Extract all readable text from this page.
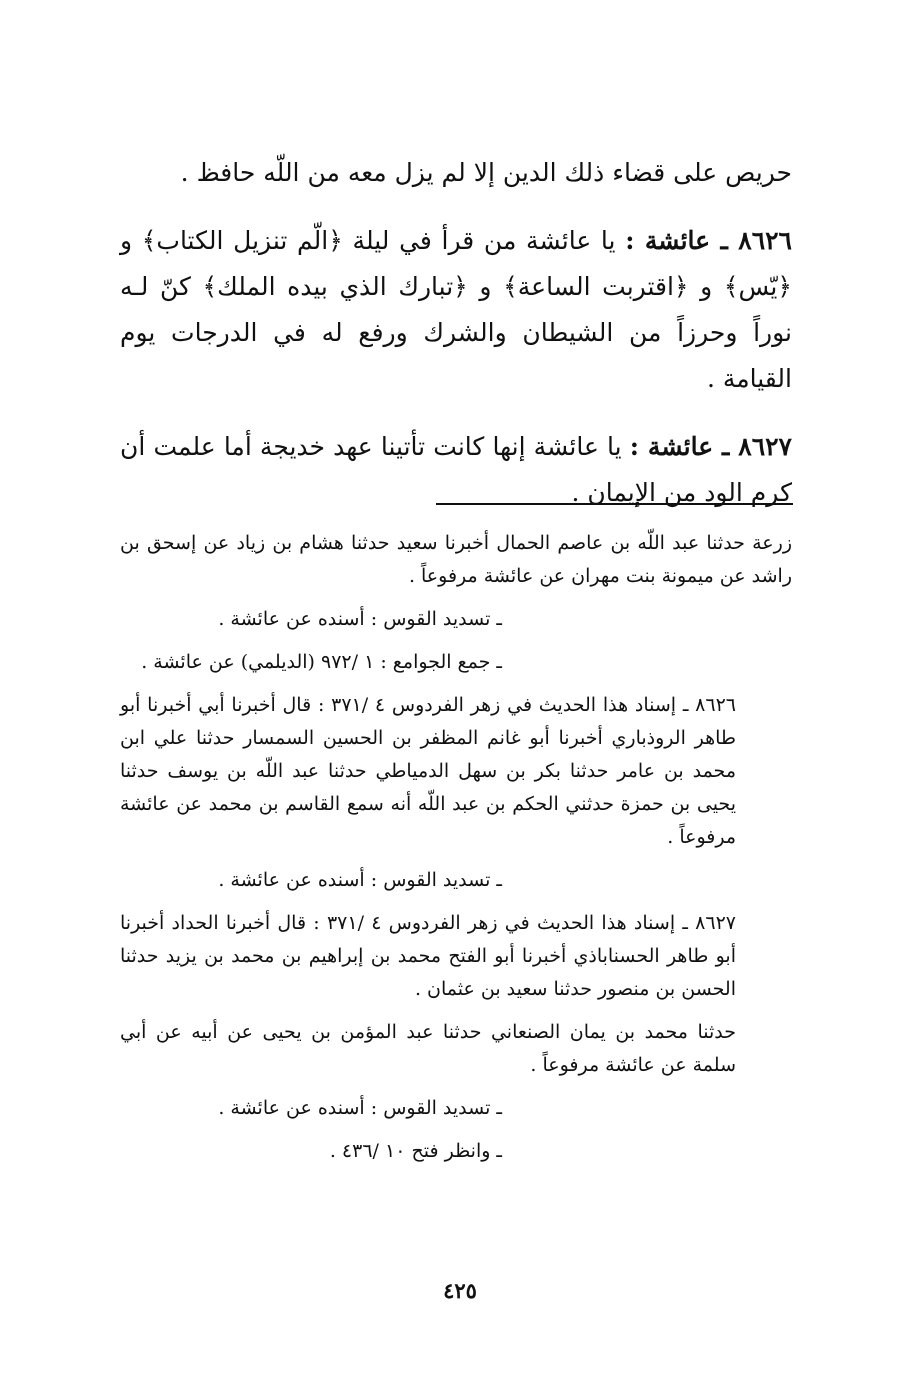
حريص على قضاء ذلك الدين إلا لم يزل معه من اللّه حافظ .

٨٦٢٦ ـ عائشة : يا عائشة من قرأ في ليلة ﴿الّم تنزيل الكتاب﴾ و ﴿يّس﴾ و ﴿اقتربت الساعة﴾ و ﴿تبارك الذي بيده الملك﴾ كنّ لـه نوراً وحرزاً من الشيطان والشرك ورفع له في الدرجات يوم القيامة .

٨٦٢٧ ـ عائشة : يا عائشة إنها كانت تأتينا عهد خديجة أما علمت أن كرم الود من الإيمان .

زرعة حدثنا عبد اللّه بن عاصم الحمال أخبرنا سعيد حدثنا هشام بن زياد عن إسحق بن راشد عن ميمونة بنت مهران عن عائشة مرفوعاً .

ـ تسديد القوس : أسنده عن عائشة .

ـ جمع الجوامع : ١ /٩٧٢ (الديلمي) عن عائشة .

٨٦٢٦ ـ إسناد هذا الحديث في زهر الفردوس ٤ /٣٧١ : قال أخبرنا أبي أخبرنا أبو طاهر الروذباري أخبرنا أبو غانم المظفر بن الحسين السمسار حدثنا علي ابن محمد بن عامر حدثنا بكر بن سهل الدمياطي حدثنا عبد اللّه بن يوسف حدثنا يحيى بن حمزة حدثني الحكم بن عبد اللّه أنه سمع القاسم بن محمد عن عائشة مرفوعاً .

ـ تسديد القوس : أسنده عن عائشة .

٨٦٢٧ ـ إسناد هذا الحديث في زهر الفردوس ٤ /٣٧١ : قال أخبرنا الحداد أخبرنا أبو طاهر الحسناباذي أخبرنا أبو الفتح محمد بن إبراهيم بن محمد بن يزيد حدثنا الحسن بن منصور حدثنا سعيد بن عثمان .

حدثنا محمد بن يمان الصنعاني حدثنا عبد المؤمن بن يحيى عن أبيه عن أبي سلمة عن عائشة مرفوعاً .

ـ تسديد القوس : أسنده عن عائشة .

ـ وانظر فتح ١٠ /٤٣٦ .

٤٢٥
